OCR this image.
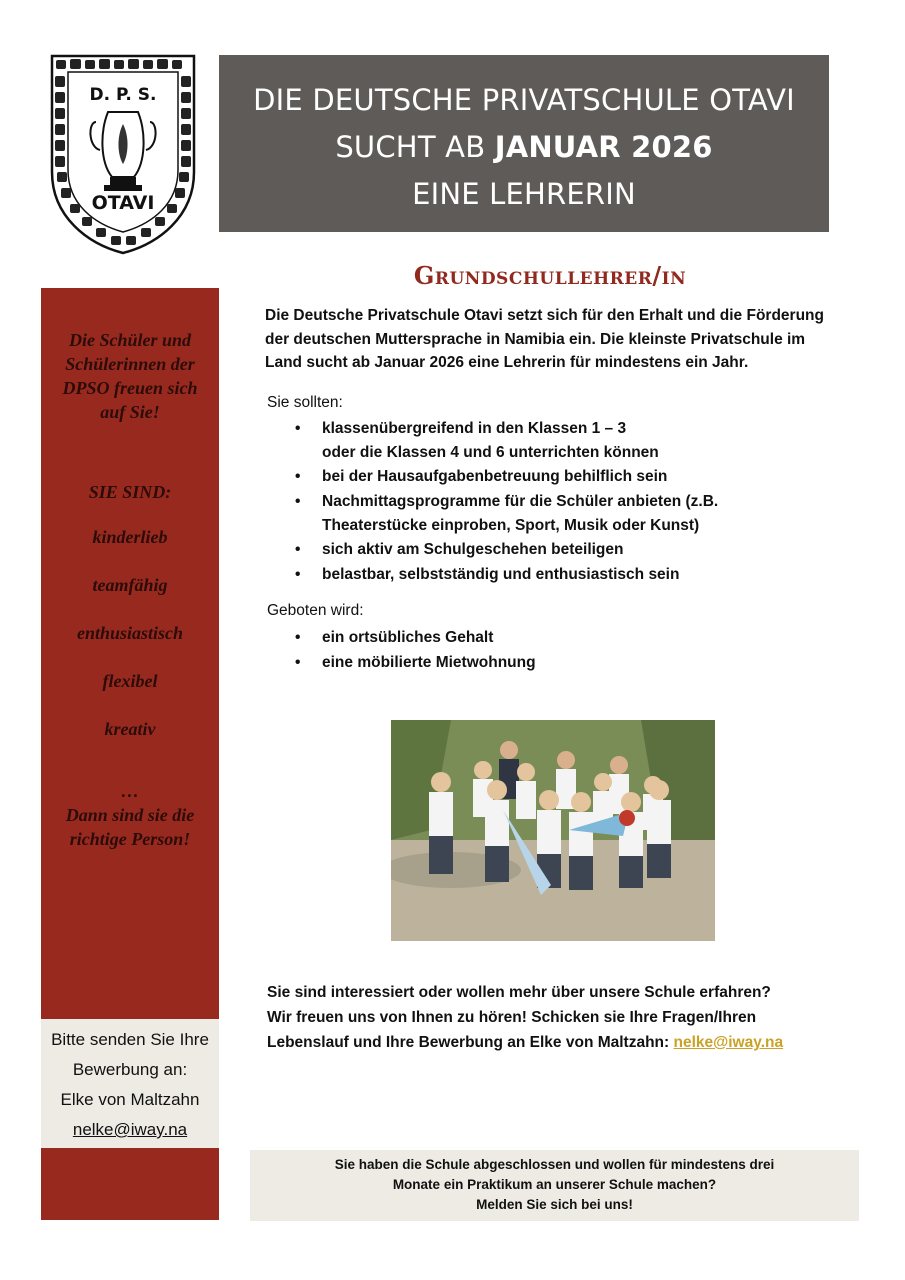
D. P. S.
OTAVI
DIE DEUTSCHE PRIVATSCHULE OTAVI
SUCHT AB JANUAR 2026
EINE LEHRERIN
Grundschullehrer/in
Die Schüler und Schülerinnen der DPSO freuen sich auf Sie!
SIE SIND:
kinderlieb
teamfähig
enthusiastisch
flexibel
kreativ
…
Dann sind sie die richtige Person!
Bitte senden Sie Ihre
Bewerbung an:
Elke von Maltzahn
nelke@iway.na

Die Deutsche Privatschule Otavi setzt sich für den Erhalt und die Förderung der deutschen Muttersprache in Namibia ein. Die kleinste Privatschule im Land sucht ab Januar 2026 eine Lehrerin für mindestens ein Jahr.

Sie sollten:
• klassenübergreifend in den Klassen 1 – 3
oder die Klassen 4 und 6 unterrichten können
• bei der Hausaufgabenbetreuung behilflich sein
• Nachmittagsprogramme für die Schüler anbieten (z.B.
Theaterstücke einproben, Sport, Musik oder Kunst)
• sich aktiv am Schulgeschehen beteiligen
• belastbar, selbstständig und enthusiastisch sein
Geboten wird:
• ein ortsübliches Gehalt
• eine möbilierte Mietwohnung
Sie sind interessiert oder wollen mehr über unsere Schule erfahren?
Wir freuen uns von Ihnen zu hören! Schicken sie Ihre Fragen/Ihren
Lebenslauf und Ihre Bewerbung an Elke von Maltzahn: nelke@iway.na
Sie haben die Schule abgeschlossen und wollen für mindestens drei
Monate ein Praktikum an unserer Schule machen?
Melden Sie sich bei uns!
